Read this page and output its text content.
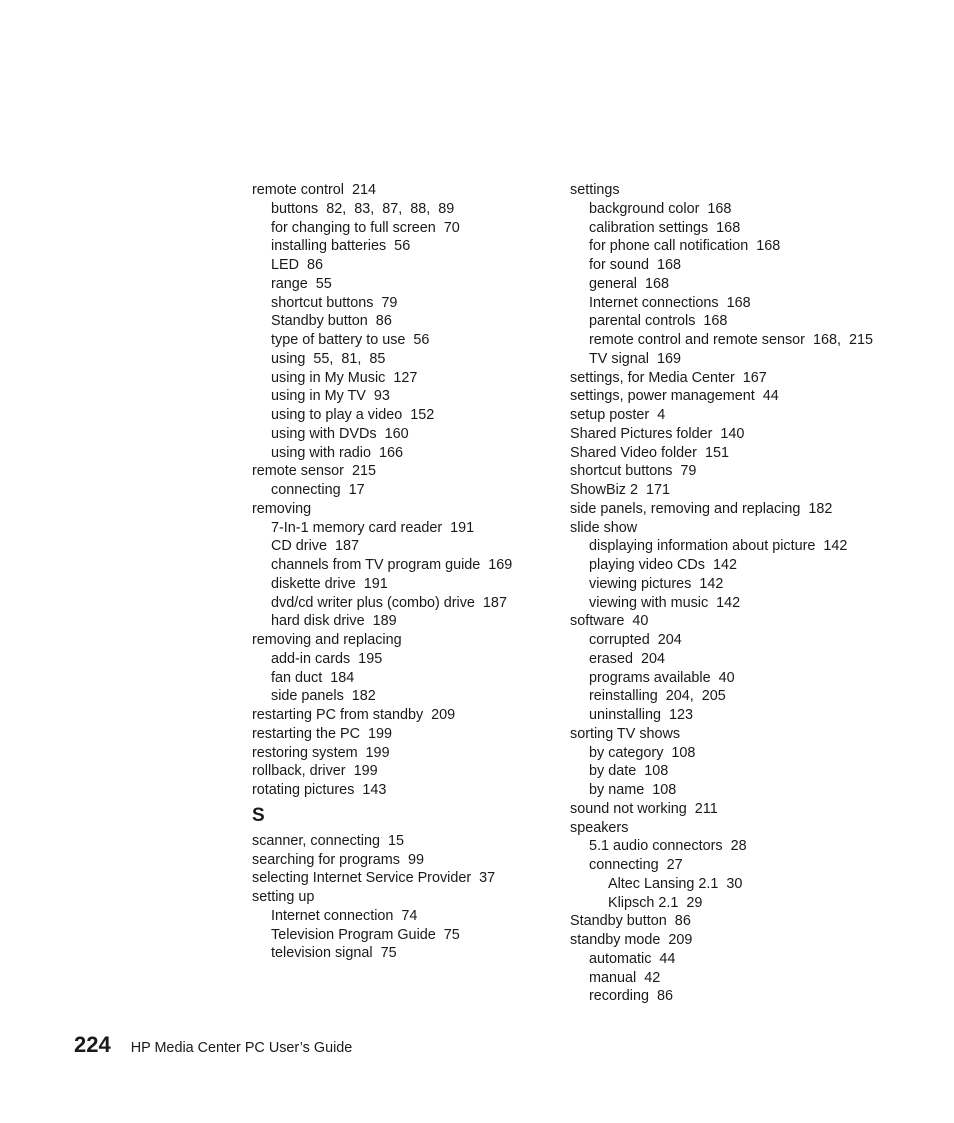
remote control  214
buttons  82,  83,  87,  88,  89
for changing to full screen  70
installing batteries  56
LED  86
range  55
shortcut buttons  79
Standby button  86
type of battery to use  56
using  55,  81,  85
using in My Music  127
using in My TV  93
using to play a video  152
using with DVDs  160
using with radio  166
remote sensor  215
connecting  17
removing
7-In-1 memory card reader  191
CD drive  187
channels from TV program guide  169
diskette drive  191
dvd/cd writer plus (combo) drive  187
hard disk drive  189
removing and replacing
add-in cards  195
fan duct  184
side panels  182
restarting PC from standby  209
restarting the PC  199
restoring system  199
rollback, driver  199
rotating pictures  143
S
scanner, connecting  15
searching for programs  99
selecting Internet Service Provider  37
setting up
Internet connection  74
Television Program Guide  75
television signal  75
settings
background color  168
calibration settings  168
for phone call notification  168
for sound  168
general  168
Internet connections  168
parental controls  168
remote control and remote sensor  168,  215
TV signal  169
settings, for Media Center  167
settings, power management  44
setup poster  4
Shared Pictures folder  140
Shared Video folder  151
shortcut buttons  79
ShowBiz 2  171
side panels, removing and replacing  182
slide show
displaying information about picture  142
playing video CDs  142
viewing pictures  142
viewing with music  142
software  40
corrupted  204
erased  204
programs available  40
reinstalling  204,  205
uninstalling  123
sorting TV shows
by category  108
by date  108
by name  108
sound not working  211
speakers
5.1 audio connectors  28
connecting  27
Altec Lansing 2.1  30
Klipsch 2.1  29
Standby button  86
standby mode  209
automatic  44
manual  42
recording  86
224 HP Media Center PC User’s Guide
